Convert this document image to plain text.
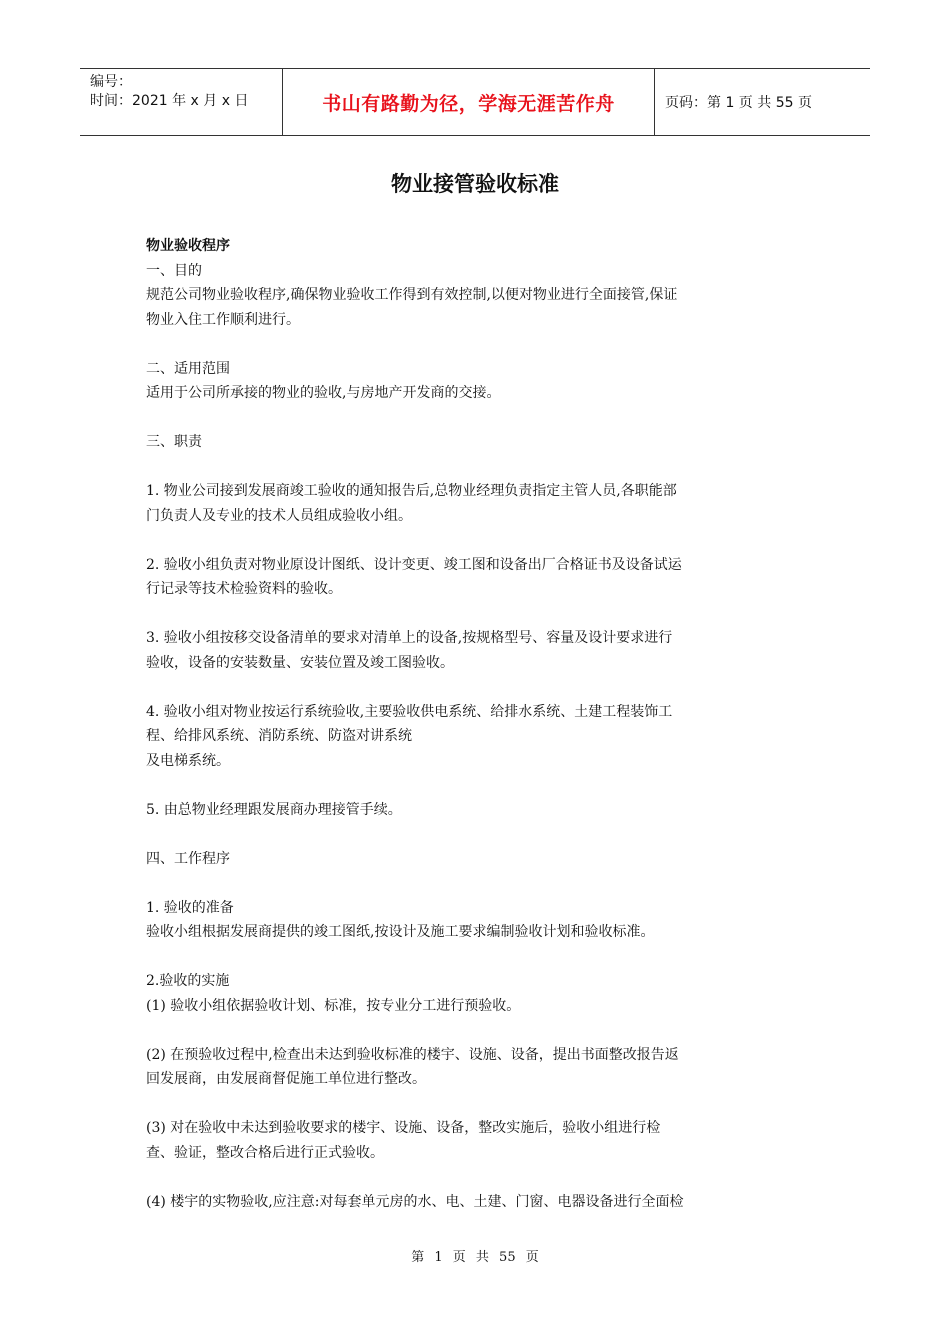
编号：
时间：2021 年 x 月 x 日	书山有路勤为径，学海无涯苦作舟	页码：第 1 页 共 55 页
物业接管验收标准

物业验收程序

一、目的

规范公司物业验收程序,确保物业验收工作得到有效控制,以便对物业进行全面接管,保证

物业入住工作顺利进行。

二、适用范围

适用于公司所承接的物业的验收,与房地产开发商的交接。

三、职责

1. 物业公司接到发展商竣工验收的通知报告后,总物业经理负责指定主管人员,各职能部

门负责人及专业的技术人员组成验收小组。

2. 验收小组负责对物业原设计图纸、设计变更、竣工图和设备出厂合格证书及设备试运

行记录等技术检验资料的验收。

3. 验收小组按移交设备清单的要求对清单上的设备,按规格型号、容量及设计要求进行

验收，设备的安装数量、安装位置及竣工图验收。

4. 验收小组对物业按运行系统验收,主要验收供电系统、给排水系统、土建工程装饰工

程、给排风系统、消防系统、防盗对讲系统

及电梯系统。

5. 由总物业经理跟发展商办理接管手续。

四、工作程序

1. 验收的准备

验收小组根据发展商提供的竣工图纸,按设计及施工要求编制验收计划和验收标准。

2.验收的实施

(1) 验收小组依据验收计划、标准，按专业分工进行预验收。

(2) 在预验收过程中,检查出未达到验收标准的楼宇、设施、设备，提出书面整改报告返

回发展商，由发展商督促施工单位进行整改。

(3) 对在验收中未达到验收要求的楼宇、设施、设备，整改实施后，验收小组进行检

查、验证，整改合格后进行正式验收。

(4) 楼宇的实物验收,应注意:对每套单元房的水、电、土建、门窗、电器设备进行全面检

第 1 页 共 55 页
